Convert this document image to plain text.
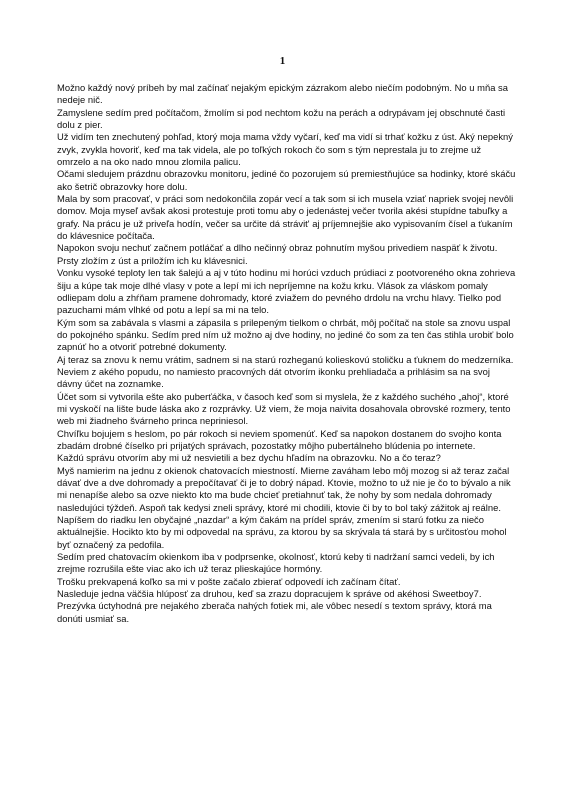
1

Možno každý nový príbeh by mal začínať nejakým epickým zázrakom alebo niečím podobným. No u mňa sa nedeje nič.

Zamyslene sedím pred počítačom, žmolím si pod nechtom kožu na perách a odrypávam jej obschnuté časti dolu z pier.

Už vidím ten znechutený pohľad, ktorý moja mama vždy vyčarí, keď ma vidí si trhať kožku z úst. Aký nepekný zvyk, zvykla hovoriť, keď ma tak videla, ale po toľkých rokoch čo som s tým neprestala ju to zrejme už omrzelo a na oko nado mnou zlomila palicu.

Očami sledujem prázdnu obrazovku monitoru, jediné čo pozorujem sú premiestňujúce sa hodinky, ktoré skáču ako šetrič obrazovky hore dolu.

Mala by som pracovať, v práci som nedokončila zopár vecí a tak som si ich musela vziať napriek svojej nevôli domov. Moja myseľ avšak akosi protestuje proti tomu aby o jedenástej večer tvorila akési stupídne tabuľky a grafy. Na prácu je už priveľa hodín, večer sa určite dá strávit' aj príjemnejšie ako vypisovaním čísel a ťukaním do klávesnice počítača.

Napokon svoju nechuť začnem potláčať a dlho nečinný obraz pohnutím myšou privediem naspäť k životu. Prsty zložím z úst a priložím ich ku klávesnici.

Vonku vysoké teploty len tak šalejú a aj v túto hodinu mi horúci vzduch prúdiaci z pootvoreného okna zohrieva šiju a kúpe tak moje dlhé vlasy v pote a lepí mi ich nepríjemne na kožu krku. Vlások za vláskom pomaly odliepam dolu a zhŕňam pramene dohromady, ktoré zviažem do pevného drdolu na vrchu hlavy. Tielko pod pazuchami mám vlhké od potu a lepí sa mi na telo.

Kým som sa zabávala s vlasmi a zápasila s prilepeným tielkom o chrbát, môj počítač na stole sa znovu uspal do pokojného spánku. Sedím pred ním už možno aj dve hodiny, no jediné čo som za ten čas stihla urobiť bolo zapnúť ho a otvoriť potrebné dokumenty.

Aj teraz sa znovu k nemu vrátim, sadnem si na starú rozheganú kolieskovú stoličku a ťuknem do medzerníka.

Neviem z akého popudu, no namiesto pracovných dát otvorím ikonku prehliadača a prihlásim sa na svoj dávny účet na zoznamke.

Účet som si vytvorila ešte ako puberťáčka, v časoch keď som si myslela, že z každého suchého „ahoj“, ktoré mi vyskočí na lište bude láska ako z rozprávky. Už viem, že moja naivita dosahovala obrovské rozmery, tento web mi žiadneho švárneho princa nepriniesol.

Chvíľku bojujem s heslom, po pár rokoch si neviem spomenúť. Keď sa napokon dostanem do svojho konta zbadám drobné číselko pri prijatých správach, pozostatky môjho pubertálneho blúdenia po internete.

Každú správu otvorím aby mi už nesvietili a bez dychu hľadím na obrazovku. No a čo teraz?

Myš namierim na jednu z okienok chatovacích miestností. Mierne zaváham lebo môj mozog si až teraz začal dávať dve a dve dohromady a prepočítavať či je to dobrý nápad. Ktovie, možno to už nie je čo to bývalo a nik mi nenapíše alebo sa ozve niekto kto ma bude chcieť pretiahnuť tak, že nohy by som nedala dohromady nasledujúci týždeň. Aspoň tak kedysi zneli správy, ktoré mi chodili, ktovie či by to bol taký zážitok aj reálne.

Napíšem do riadku len obyčajné „nazdar“ a kým čakám na prídel správ, zmením si starú fotku za niečo aktuálnejšie. Hocikto kto by mi odpovedal na správu, za ktorou by sa skrývala tá stará by s určitosťou mohol byť označený za pedofila.

Sedím pred chatovacím okienkom iba v podprsenke, okolnosť, ktorú keby ti nadržaní samci vedeli, by ich zrejme rozrušila ešte viac ako ich už teraz plieskajúce hormóny.

Trošku prekvapená koľko sa mi v pošte začalo zbierať odpovedí ich začínam čítať.

Nasleduje jedna väčšia hlúposť za druhou, keď sa zrazu dopracujem k správe od akéhosi Sweetboy7. Prezývka úctyhodná pre nejakého zberača nahých fotiek mi, ale vôbec nesedí s textom správy, ktorá ma donúti usmiať sa.
